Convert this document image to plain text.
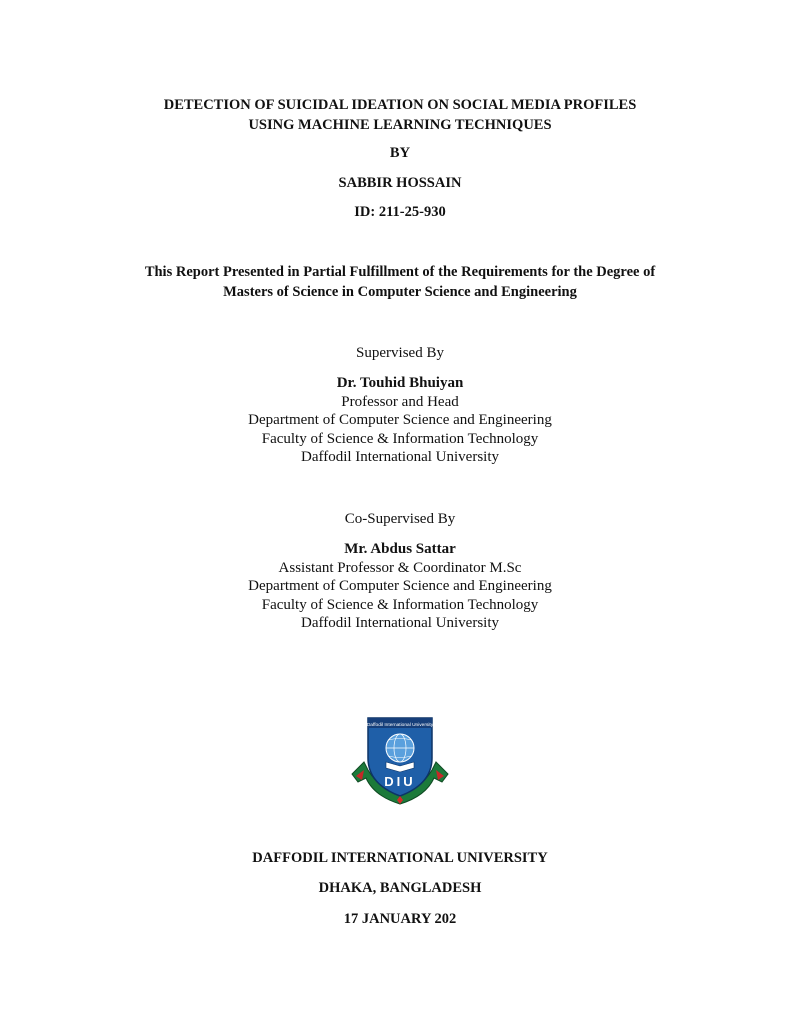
DETECTION OF SUICIDAL IDEATION ON SOCIAL MEDIA PROFILES
USING MACHINE LEARNING TECHNIQUES
BY
SABBIR HOSSAIN
ID: 211-25-930
This Report Presented in Partial Fulfillment of the Requirements for the Degree of
Masters of Science in Computer Science and Engineering
Supervised By
Dr. Touhid Bhuiyan
Professor and Head
Department of Computer Science and Engineering
Faculty of Science & Information Technology
Daffodil International University
Co-Supervised By
Mr. Abdus Sattar
Assistant Professor & Coordinator M.Sc
Department of Computer Science and Engineering
Faculty of Science & Information Technology
Daffodil International University
Daffodil International University
DIU
DAFFODIL INTERNATIONAL UNIVERSITY
DHAKA, BANGLADESH
17 JANUARY 202
